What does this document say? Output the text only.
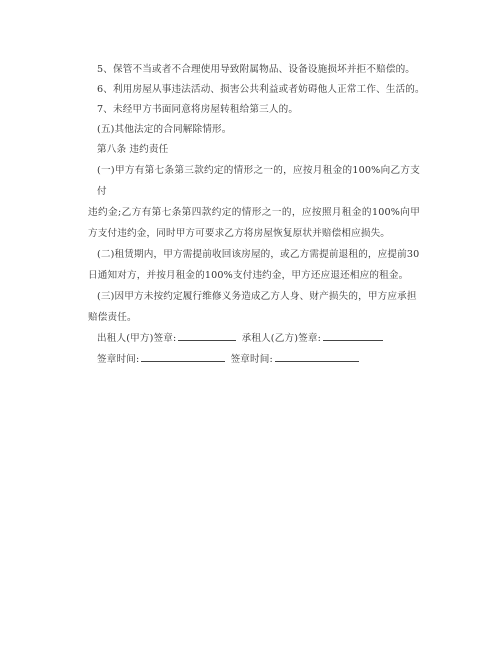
5、保管不当或者不合理使用导致附属物品、设备设施损坏并拒不赔偿的。
6、利用房屋从事违法活动、损害公共利益或者妨碍他人正常工作、生活的。
7、未经甲方书面同意将房屋转租给第三人的。
(五)其他法定的合同解除情形。
第八条 违约责任
(一)甲方有第七条第三款约定的情形之一的，应按月租金的100%向乙方支付
违约金;乙方有第七条第四款约定的情形之一的，应按照月租金的100%向甲方支付违约金，同时甲方可要求乙方将房屋恢复原状并赔偿相应损失。
(二)租赁期内，甲方需提前收回该房屋的，或乙方需提前退租的，应提前30
日通知对方，并按月租金的100%支付违约金，甲方还应退还相应的租金。
(三)因甲方未按约定履行维修义务造成乙方人身、财产损失的，甲方应承担
赔偿责任。
出租人(甲方)签章:	承租人(乙方)签章:
签章时间:	签章时间:
